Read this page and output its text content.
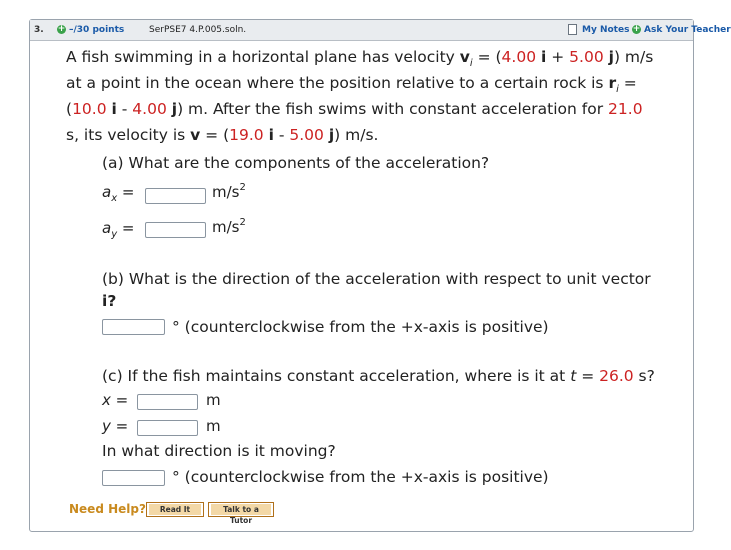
3. + –/30 points	SerPSE7 4.P.005.soln.	My Notes + Ask Your Teacher
A fish swimming in a horizontal plane has velocity $v_i = (4.00$ i + 5.00 j) m/s
at a point in the ocean where the position relative to a certain rock is $r_i$ =
(10.0 i - 4.00 j) m. After the fish swims with constant acceleration for 21.0
s, its velocity is v = (19.0 i - 5.00 j) m/s.
(a) What are the components of the acceleration?
$a_x$ =	$m/s^2$
$a_y$ =	$m/s^2$
(b) What is the direction of the acceleration with respect to unit vector
i?
° (counterclockwise from the +x-axis is positive)
(c) If the fish maintains constant acceleration, where is it at t = 26.0 s?
x =	m
y =	m
In what direction is it moving?
° (counterclockwise from the +x-axis is positive)
Need Help?	Read It	Talk to a Tutor
